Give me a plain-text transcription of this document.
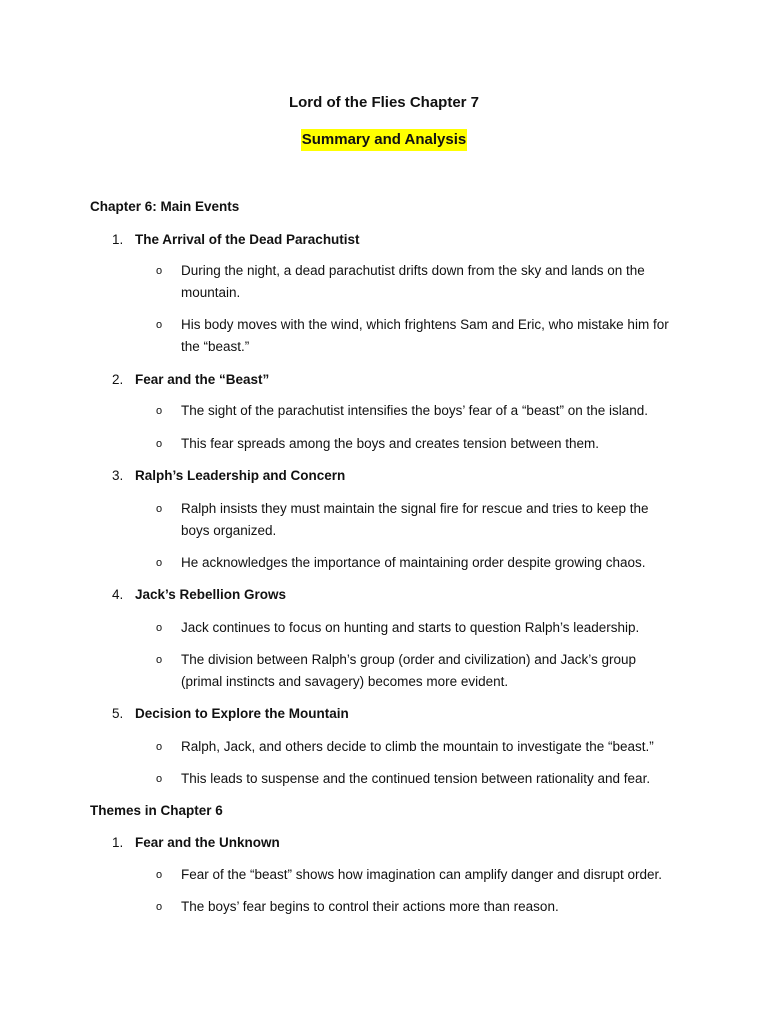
Lord of the Flies Chapter 7
Summary and Analysis
Chapter 6: Main Events
1. The Arrival of the Dead Parachutist
o During the night, a dead parachutist drifts down from the sky and lands on the mountain.
o His body moves with the wind, which frightens Sam and Eric, who mistake him for the “beast.”
2. Fear and the “Beast”
o The sight of the parachutist intensifies the boys’ fear of a “beast” on the island.
o This fear spreads among the boys and creates tension between them.
3. Ralph’s Leadership and Concern
o Ralph insists they must maintain the signal fire for rescue and tries to keep the boys organized.
o He acknowledges the importance of maintaining order despite growing chaos.
4. Jack’s Rebellion Grows
o Jack continues to focus on hunting and starts to question Ralph’s leadership.
o The division between Ralph’s group (order and civilization) and Jack’s group (primal instincts and savagery) becomes more evident.
5. Decision to Explore the Mountain
o Ralph, Jack, and others decide to climb the mountain to investigate the “beast.”
o This leads to suspense and the continued tension between rationality and fear.
Themes in Chapter 6
1. Fear and the Unknown
o Fear of the “beast” shows how imagination can amplify danger and disrupt order.
o The boys’ fear begins to control their actions more than reason.
